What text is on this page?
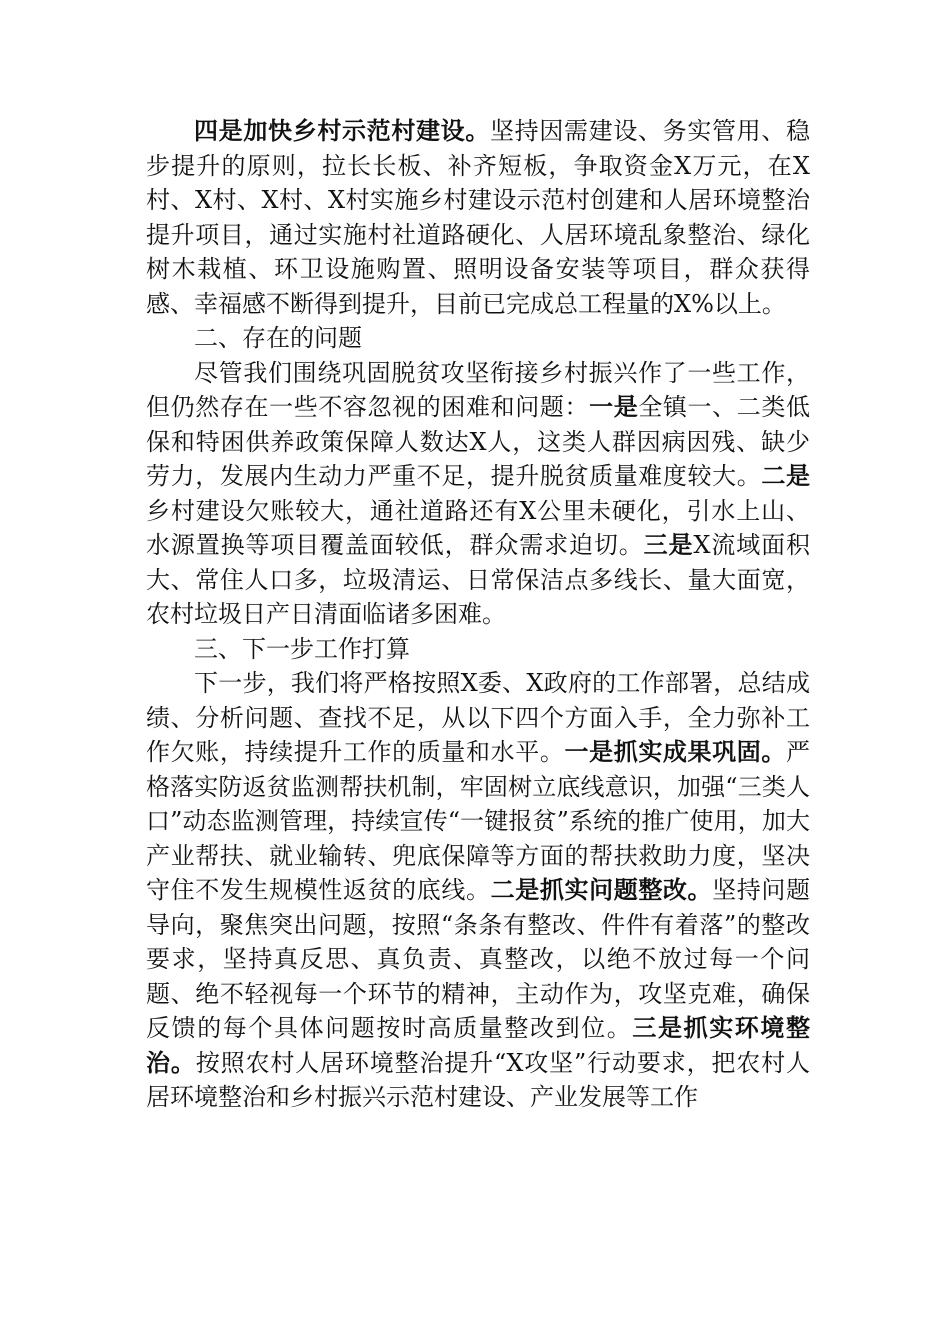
四是加快乡村示范村建设。坚持因需建设、务实管用、稳步提升的原则，拉长长板、补齐短板，争取资金X万元，在X村、X村、X村、X村实施乡村建设示范村创建和人居环境整治提升项目，通过实施村社道路硬化、人居环境乱象整治、绿化树木栽植、环卫设施购置、照明设备安装等项目，群众获得感、幸福感不断得到提升，目前已完成总工程量的X%以上。

二、存在的问题

尽管我们围绕巩固脱贫攻坚衔接乡村振兴作了一些工作，但仍然存在一些不容忽视的困难和问题：一是全镇一、二类低保和特困供养政策保障人数达X人，这类人群因病因残、缺少劳力，发展内生动力严重不足，提升脱贫质量难度较大。二是乡村建设欠账较大，通社道路还有X公里未硬化，引水上山、水源置换等项目覆盖面较低，群众需求迫切。三是X流域面积大、常住人口多，垃圾清运、日常保洁点多线长、量大面宽，农村垃圾日产日清面临诸多困难。

三、下一步工作打算

下一步，我们将严格按照X委、X政府的工作部署，总结成绩、分析问题、查找不足，从以下四个方面入手，全力弥补工作欠账，持续提升工作的质量和水平。一是抓实成果巩固。严格落实防返贫监测帮扶机制，牢固树立底线意识，加强“三类人口”动态监测管理，持续宣传“一键报贫”系统的推广使用，加大产业帮扶、就业输转、兜底保障等方面的帮扶救助力度，坚决守住不发生规模性返贫的底线。二是抓实问题整改。坚持问题导向，聚焦突出问题，按照“条条有整改、件件有着落”的整改要求，坚持真反思、真负责、真整改，以绝不放过每一个问题、绝不轻视每一个环节的精神，主动作为，攻坚克难，确保反馈的每个具体问题按时高质量整改到位。三是抓实环境整治。按照农村人居环境整治提升“X攻坚”行动要求，把农村人居环境整治和乡村振兴示范村建设、产业发展等工作
